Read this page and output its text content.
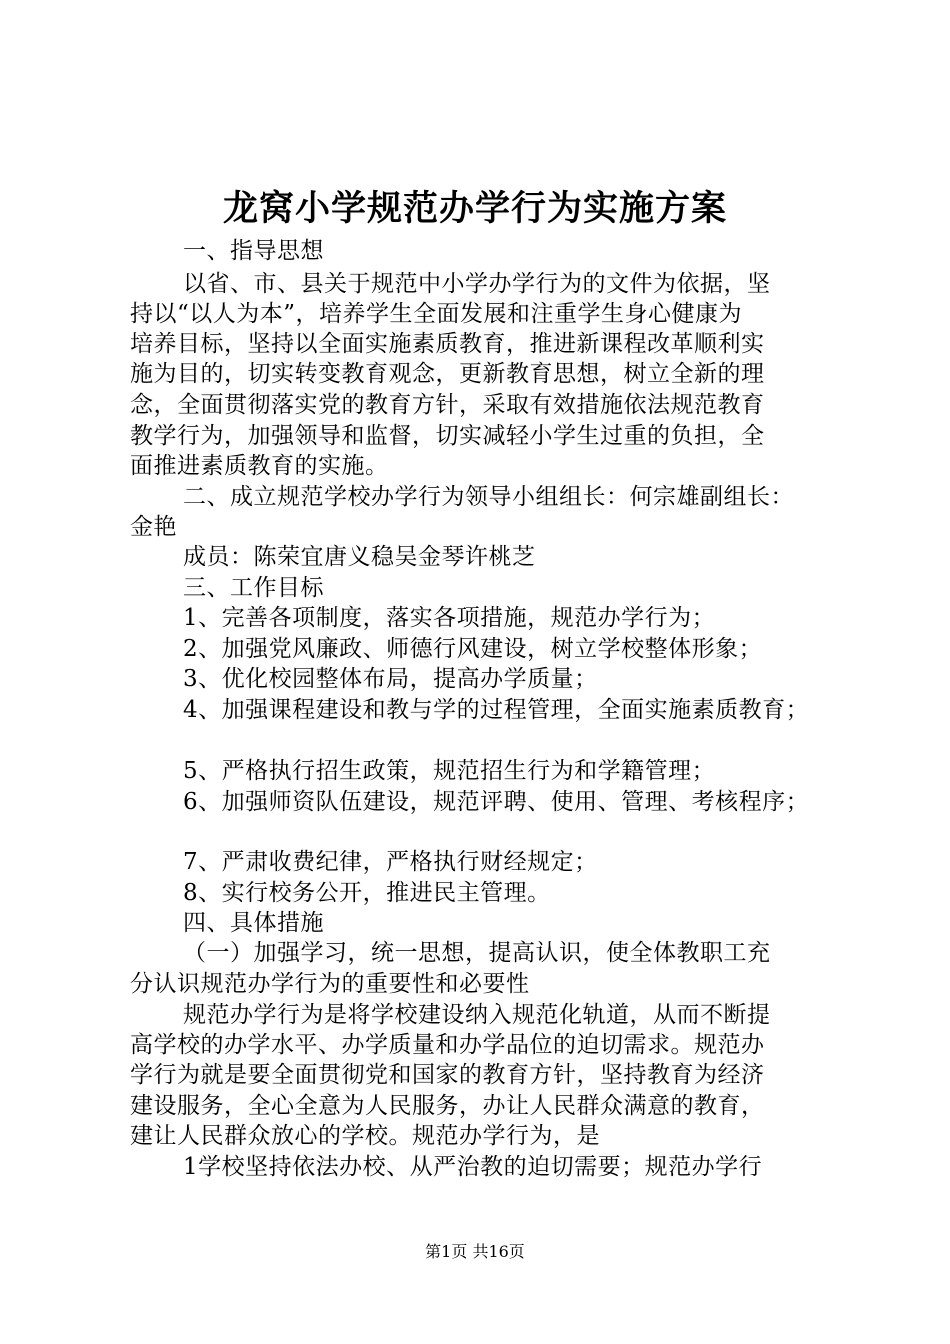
龙窝小学规范办学行为实施方案
一、指导思想
以省、市、县关于规范中小学办学行为的文件为依据，坚
持以“以人为本”，培养学生全面发展和注重学生身心健康为
培养目标，坚持以全面实施素质教育，推进新课程改革顺利实
施为目的，切实转变教育观念，更新教育思想，树立全新的理
念，全面贯彻落实党的教育方针，采取有效措施依法规范教育
教学行为，加强领导和监督，切实减轻小学生过重的负担，全
面推进素质教育的实施。
二、成立规范学校办学行为领导小组组长：何宗雄副组长：
金艳
成员：陈荣宜唐义稳吴金琴许桃芝
三、工作目标
1、完善各项制度，落实各项措施，规范办学行为；
2、加强党风廉政、师德行风建设，树立学校整体形象；
3、优化校园整体布局，提高办学质量；
4、加强课程建设和教与学的过程管理，全面实施素质教育；
5、严格执行招生政策，规范招生行为和学籍管理；
6、加强师资队伍建设，规范评聘、使用、管理、考核程序；
7、严肃收费纪律，严格执行财经规定；
8、实行校务公开，推进民主管理。
四、具体措施
（一）加强学习，统一思想，提高认识，使全体教职工充
分认识规范办学行为的重要性和必要性
规范办学行为是将学校建设纳入规范化轨道，从而不断提
高学校的办学水平、办学质量和办学品位的迫切需求。规范办
学行为就是要全面贯彻党和国家的教育方针，坚持教育为经济
建设服务，全心全意为人民服务，办让人民群众满意的教育，
建让人民群众放心的学校。规范办学行为，是
1学校坚持依法办校、从严治教的迫切需要；规范办学行
第1页 共16页
